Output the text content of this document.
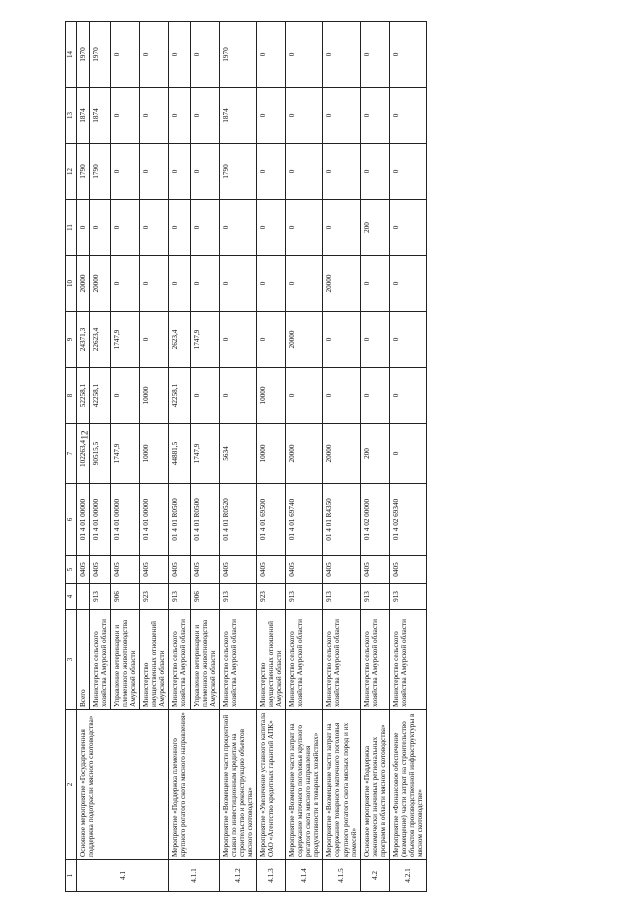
12
1	2	3	4	5	6	7	8	9	10	11	12	13	14
4.1	Основное мероприятие «Государственная поддержка подотрасли мясного скотоводства»	Всего		0405	01 4 01 00000	102263,4	52258,1	24371,3	20000	0	1790	1874	1970
		Министерство сельского хозяйства Амурской области	913	0405	01 4 01 00000	90515,5	42258,1	22623,4	20000	0	1790	1874	1970
		Управление ветеринарии и племенного животноводства Амурской области	906	0405	01 4 01 00000	1747,9	0	1747,9	0	0	0	0	0
		Министерство имущественных отношений Амурской области	923	0405	01 4 01 00000	10000	10000	0	0	0	0	0	0
4.1.1	Мероприятие «Поддержка племенного крупного рогатого скота мясного направления»	Министерство сельского хозяйства Амурской области	913	0405	01 4 01 R0500	44881,5	42258,1	2623,4	0	0	0	0	0
		Управление ветеринарии и племенного животноводства Амурской области	906	0405	01 4 01 R0500	1747,9	0	1747,9	0	0	0	0	0
4.1.2	Мероприятие «Возмещение части процентной ставки по инвестиционным кредитам на строительство и реконструкцию объектов мясного скотоводства»	Министерство сельского хозяйства Амурской области	913	0405	01 4 01 R0520	5634	0	0	0	0	1790	1874	1970
4.1.3	Мероприятие «Увеличение уставного капитала ОАО «Агентство кредитных гарантий АПК»	Министерство имущественных отношений Амурской области	923	0405	01 4 01 69500	10000	10000	0	0	0	0	0	0
4.1.4	Мероприятие «Возмещение части затрат на содержание маточного поголовья крупного рогатого скота мясного направления продуктивности в товарных хозяйствах»	Министерство сельского хозяйства Амурской области	913	0405	01 4 01 69740	20000	0	20000	0	0	0	0	0
4.1.5	Мероприятие «Возмещение части затрат на содержание товарного маточного поголовья крупного рогатого скота мясных пород и их помесей»	Министерство сельского хозяйства Амурской области	913	0405	01 4 01 R4350	20000	0	0	20000	0	0	0	0
4.2	Основное мероприятие «Поддержка экономически значимых региональных программ в области мясного скотоводства»	Министерство сельского хозяйства Амурской области	913	0405	01 4 02 00000	200	0	0	0	200	0	0	0
4.2.1	Мероприятие «Финансовое обеспечение (возмещение) части затрат на строительство объектов производственной инфраструктуры в мясном скотоводстве»	Министерство сельского хозяйства Амурской области	913	0405	01 4 02 69340	0	0	0	0	0	0	0	0
